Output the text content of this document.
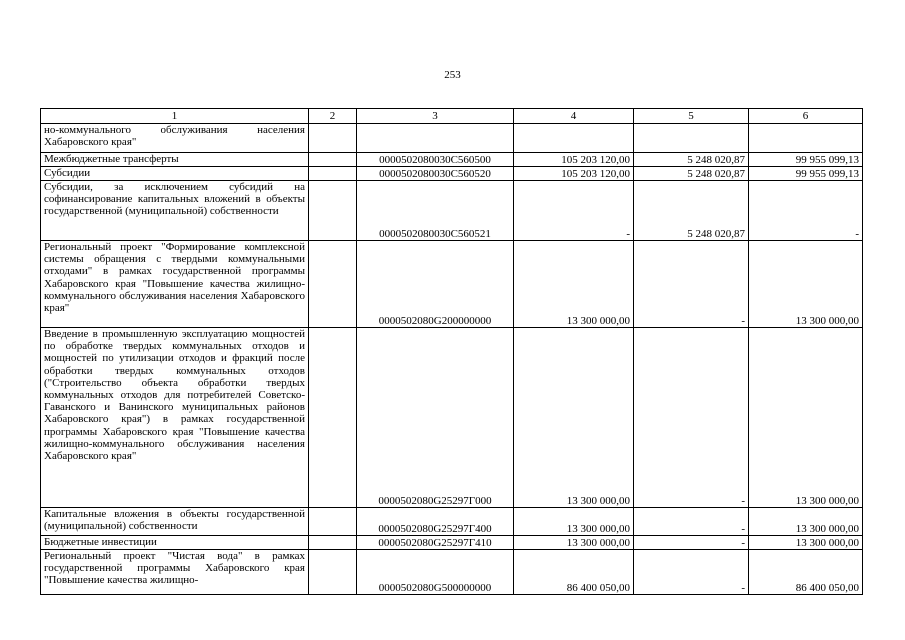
253
1	2	3	4	5	6
но-коммунального обслуживания населения Хабаровского края"					
Межбюджетные трансферты		0000502080030С560500	105 203 120,00	5 248 020,87	99 955 099,13
Субсидии		0000502080030С560520	105 203 120,00	5 248 020,87	99 955 099,13
Субсидии, за исключением субсидий на софинансирование капитальных вложений в объекты государственной (муниципальной) собственности		0000502080030С560521	-	5 248 020,87	-
Региональный проект "Формирование комплексной системы обращения с твердыми коммунальными отходами" в рамках государственной программы Хабаровского края "Повышение качества жилищно-коммунального обслуживания населения Хабаровского края"		0000502080G200000000	13 300 000,00	-	13 300 000,00
Введение в промышленную эксплуатацию мощностей по обработке твердых коммунальных отходов и мощностей по утилизации отходов и фракций после обработки твердых коммунальных отходов ("Строительство объекта обработки твердых коммунальных отходов для потребителей Советско-Гаванского и Ванинского муниципальных районов Хабаровского края") в рамках государственной программы Хабаровского края "Повышение качества жилищно-коммунального обслуживания населения Хабаровского края"		0000502080G25297Г000	13 300 000,00	-	13 300 000,00
Капитальные вложения в объекты государственной (муниципальной) собственности		0000502080G25297Г400	13 300 000,00	-	13 300 000,00
Бюджетные инвестиции		0000502080G25297Г410	13 300 000,00	-	13 300 000,00
Региональный проект "Чистая вода" в рамках государственной программы Хабаровского края "Повышение качества жилищно-		0000502080G500000000	86 400 050,00	-	86 400 050,00
